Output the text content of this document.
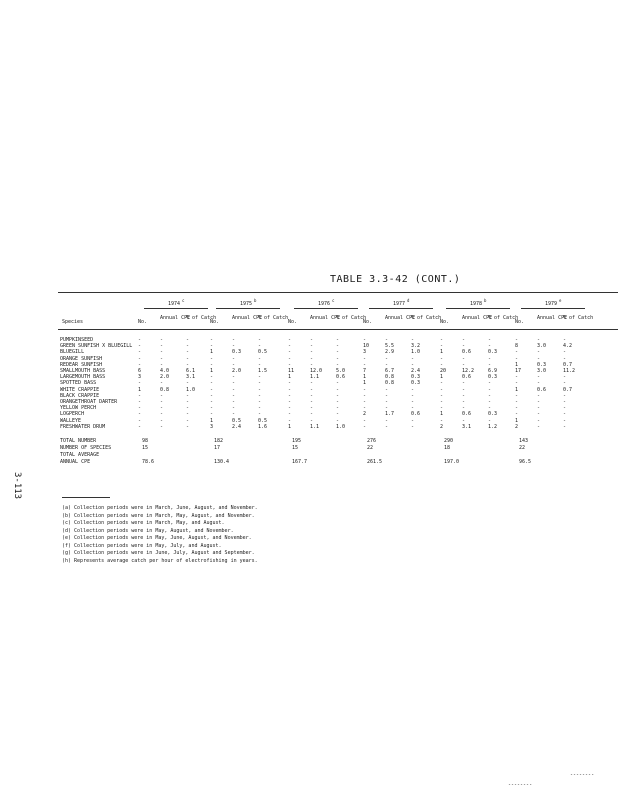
TABLE 3.3-42 (CONT.)
3-113
Species
1974
c
No.
Annual CPE
% of Catch
1975
b
No.
Annual CPE
% of Catch
1976
c
No.
Annual CPE
% of Catch
1977
d
No.
Annual CPE
% of Catch
1978
b
No.
Annual CPE
% of Catch
1979
e
No.
Annual CPE
% of Catch
PUMPKINSEED	-	-	-	-	-	-	-	-	-	-	-	-	-	-	-	-	-	-
GREEN SUNFISH X BLUEGILL -	-	-	-	-	-	-	-	-	10	5.5	3.2	-	-	-	8	3.0	4.2
BLUEGILL	-	-	-	1	0.3	0.5	-	-	-	3	2.9	1.0	1	0.6	0.3	-	-	-
ORANGE SUNFISH	-	-	-	-	-	-	-	-	-	-	-	-	-	-	-	-	-	-
REDEAR SUNFISH	-	-	-	-	-	-	-	-	-	-	-	-	-	-	-	1	0.3	0.7
SMALLMOUTH BASS	6	4.0	6.1	1	2.0	1.5	11	12.0	5.0	7	6.7	2.4	20	12.2	6.9	17	3.0	11.2
LARGEMOUTH BASS	3	2.0	3.1	-	-	-	1	1.1	0.6	1	0.8	0.3	1	0.6	0.3	-	-	-
SPOTTED BASS	-	-	-	-	-	-	-	-	-	1	0.8	0.3	-	-	-	-	-	-
WHITE CRAPPIE	1	0.8	1.0	-	-	-	-	-	-	-	-	-	-	-	-	1	0.6	0.7
BLACK CRAPPIE	-	-	-	-	-	-	-	-	-	-	-	-	-	-	-	-	-	-
ORANGETHROAT DARTER	-	-	-	-	-	-	-	-	-	-	-	-	-	-	-	-	-	-
YELLOW PERCH	-	-	-	-	-	-	-	-	-	-	-	-	-	-	-	-	-	-
LOGPERCH	-	-	-	-	-	-	-	-	-	2	1.7	0.6	1	0.6	0.3	-	-	-
WALLEYE	-	-	-	1	0.5	0.5	-	-	-	-	-	-	-	-	-	1	-	-
FRESHWATER DRUM	-	-	-	3	2.4	1.6	1	1.1	1.0	-	-	-	2	3.1	1.2	2	-	-
TOTAL NUMBER	98	182	195	276	290	143
NUMBER OF SPECIES	15	17	15	22	18	22
TOTAL AVERAGE
ANNUAL CPE	78.6	130.4	167.7	261.5	197.0	96.5
(a) Collection periods were in March, June, August, and November.
(b) Collection periods were in March, May, August, and November.
(c) Collection periods were in March, May, and August.
(d) Collection periods were in May, August, and November.
(e) Collection periods were in May, June, August, and November.
(f) Collection periods were in May, July, and August.
(g) Collection periods were in June, July, August and September.
(h) Represents average catch per hour of electrofishing in years.
--------
--------
